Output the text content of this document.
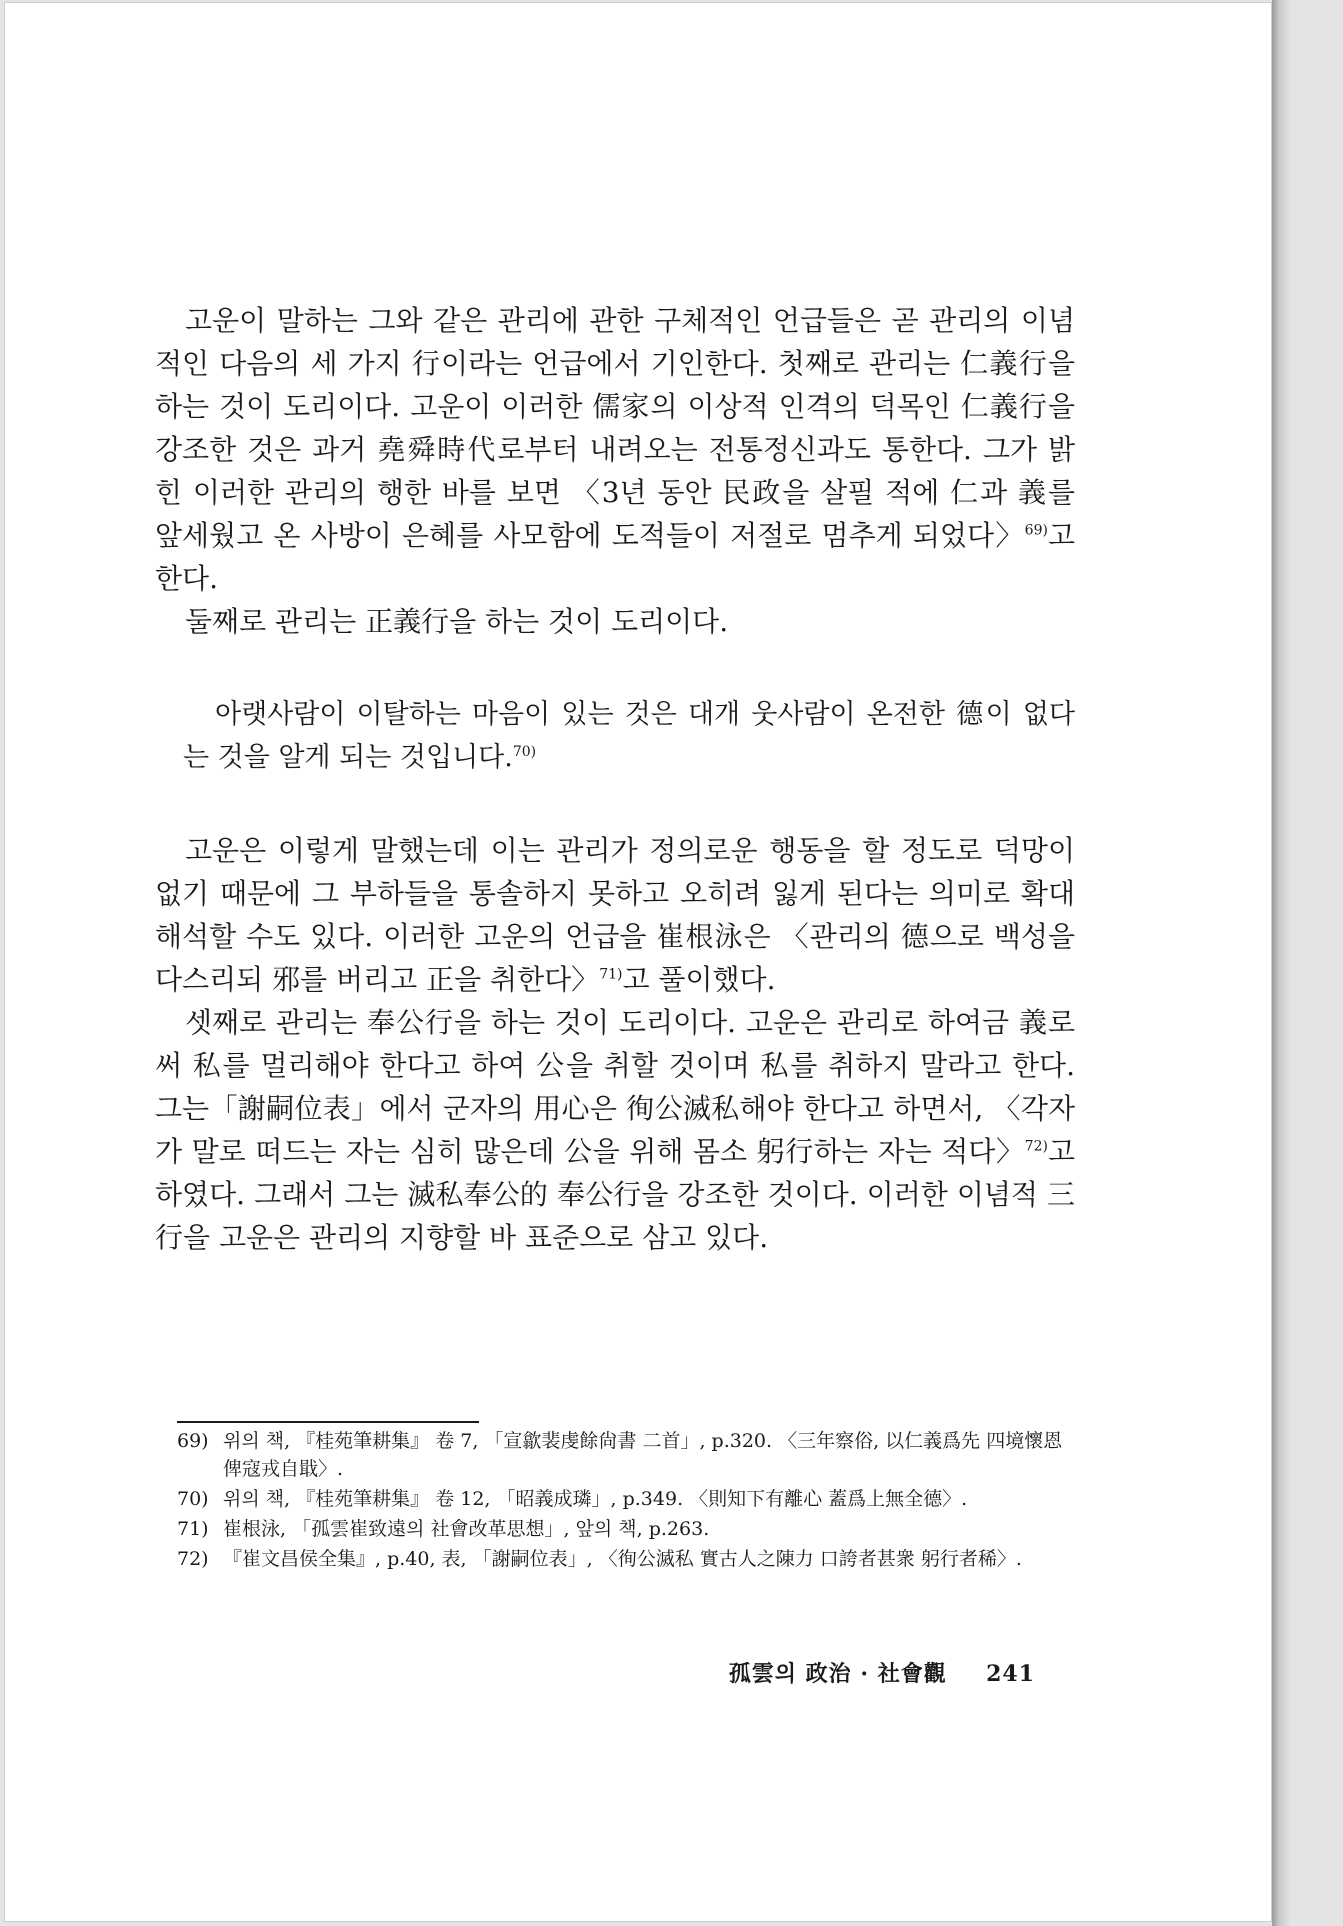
고운이 말하는 그와 같은 관리에 관한 구체적인 언급들은 곧 관리의 이념적인 다음의 세 가지 行이라는 언급에서 기인한다. 첫째로 관리는 仁義行을 하는 것이 도리이다. 고운이 이러한 儒家의 이상적 인격의 덕목인 仁義行을 강조한 것은 과거 堯舜時代로부터 내려오는 전통정신과도 통한다. 그가 밝힌 이러한 관리의 행한 바를 보면 〈3년 동안 民政을 살필 적에 仁과 義를 앞세웠고 온 사방이 은혜를 사모함에 도적들이 저절로 멈추게 되었다〉$^{69)}$고 한다.

둘째로 관리는 正義行을 하는 것이 도리이다.

아랫사람이 이탈하는 마음이 있는 것은 대개 웃사람이 온전한 德이 없다는 것을 알게 되는 것입니다.$^{70)}$

고운은 이렇게 말했는데 이는 관리가 정의로운 행동을 할 정도로 덕망이 없기 때문에 그 부하들을 통솔하지 못하고 오히려 잃게 된다는 의미로 확대 해석할 수도 있다. 이러한 고운의 언급을 崔根泳은 〈관리의 德으로 백성을 다스리되 邪를 버리고 正을 취한다〉$^{71)}$고 풀이했다.

셋째로 관리는 奉公行을 하는 것이 도리이다. 고운은 관리로 하여금 義로써 私를 멀리해야 한다고 하여 公을 취할 것이며 私를 취하지 말라고 한다. 그는「謝嗣位表」에서 군자의 用心은 徇公滅私해야 한다고 하면서, 〈각자가 말로 떠드는 자는 심히 많은데 公을 위해 몸소 躬行하는 자는 적다〉$^{72)}$고 하였다. 그래서 그는 滅私奉公的 奉公行을 강조한 것이다. 이러한 이념적 三行을 고운은 관리의 지향할 바 표준으로 삼고 있다.

69) 위의 책, 『桂苑筆耕集』 卷 7, 「宣歙裴虔餘尙書 二首」, p.320. 〈三年察俗, 以仁義爲先 四境懷恩 俾寇戎自戢〉.
70) 위의 책, 『桂苑筆耕集』 卷 12, 「昭義成璘」, p.349. 〈則知下有離心 蓋爲上無全德〉.
71) 崔根泳, 「孤雲崔致遠의 社會改革思想」, 앞의 책, p.263.
72) 『崔文昌侯全集』, p.40, 表, 「謝嗣位表」, 〈徇公滅私 實古人之陳力 口誇者甚衆 躬行者稀〉.
孤雲의 政治 · 社會觀 241
